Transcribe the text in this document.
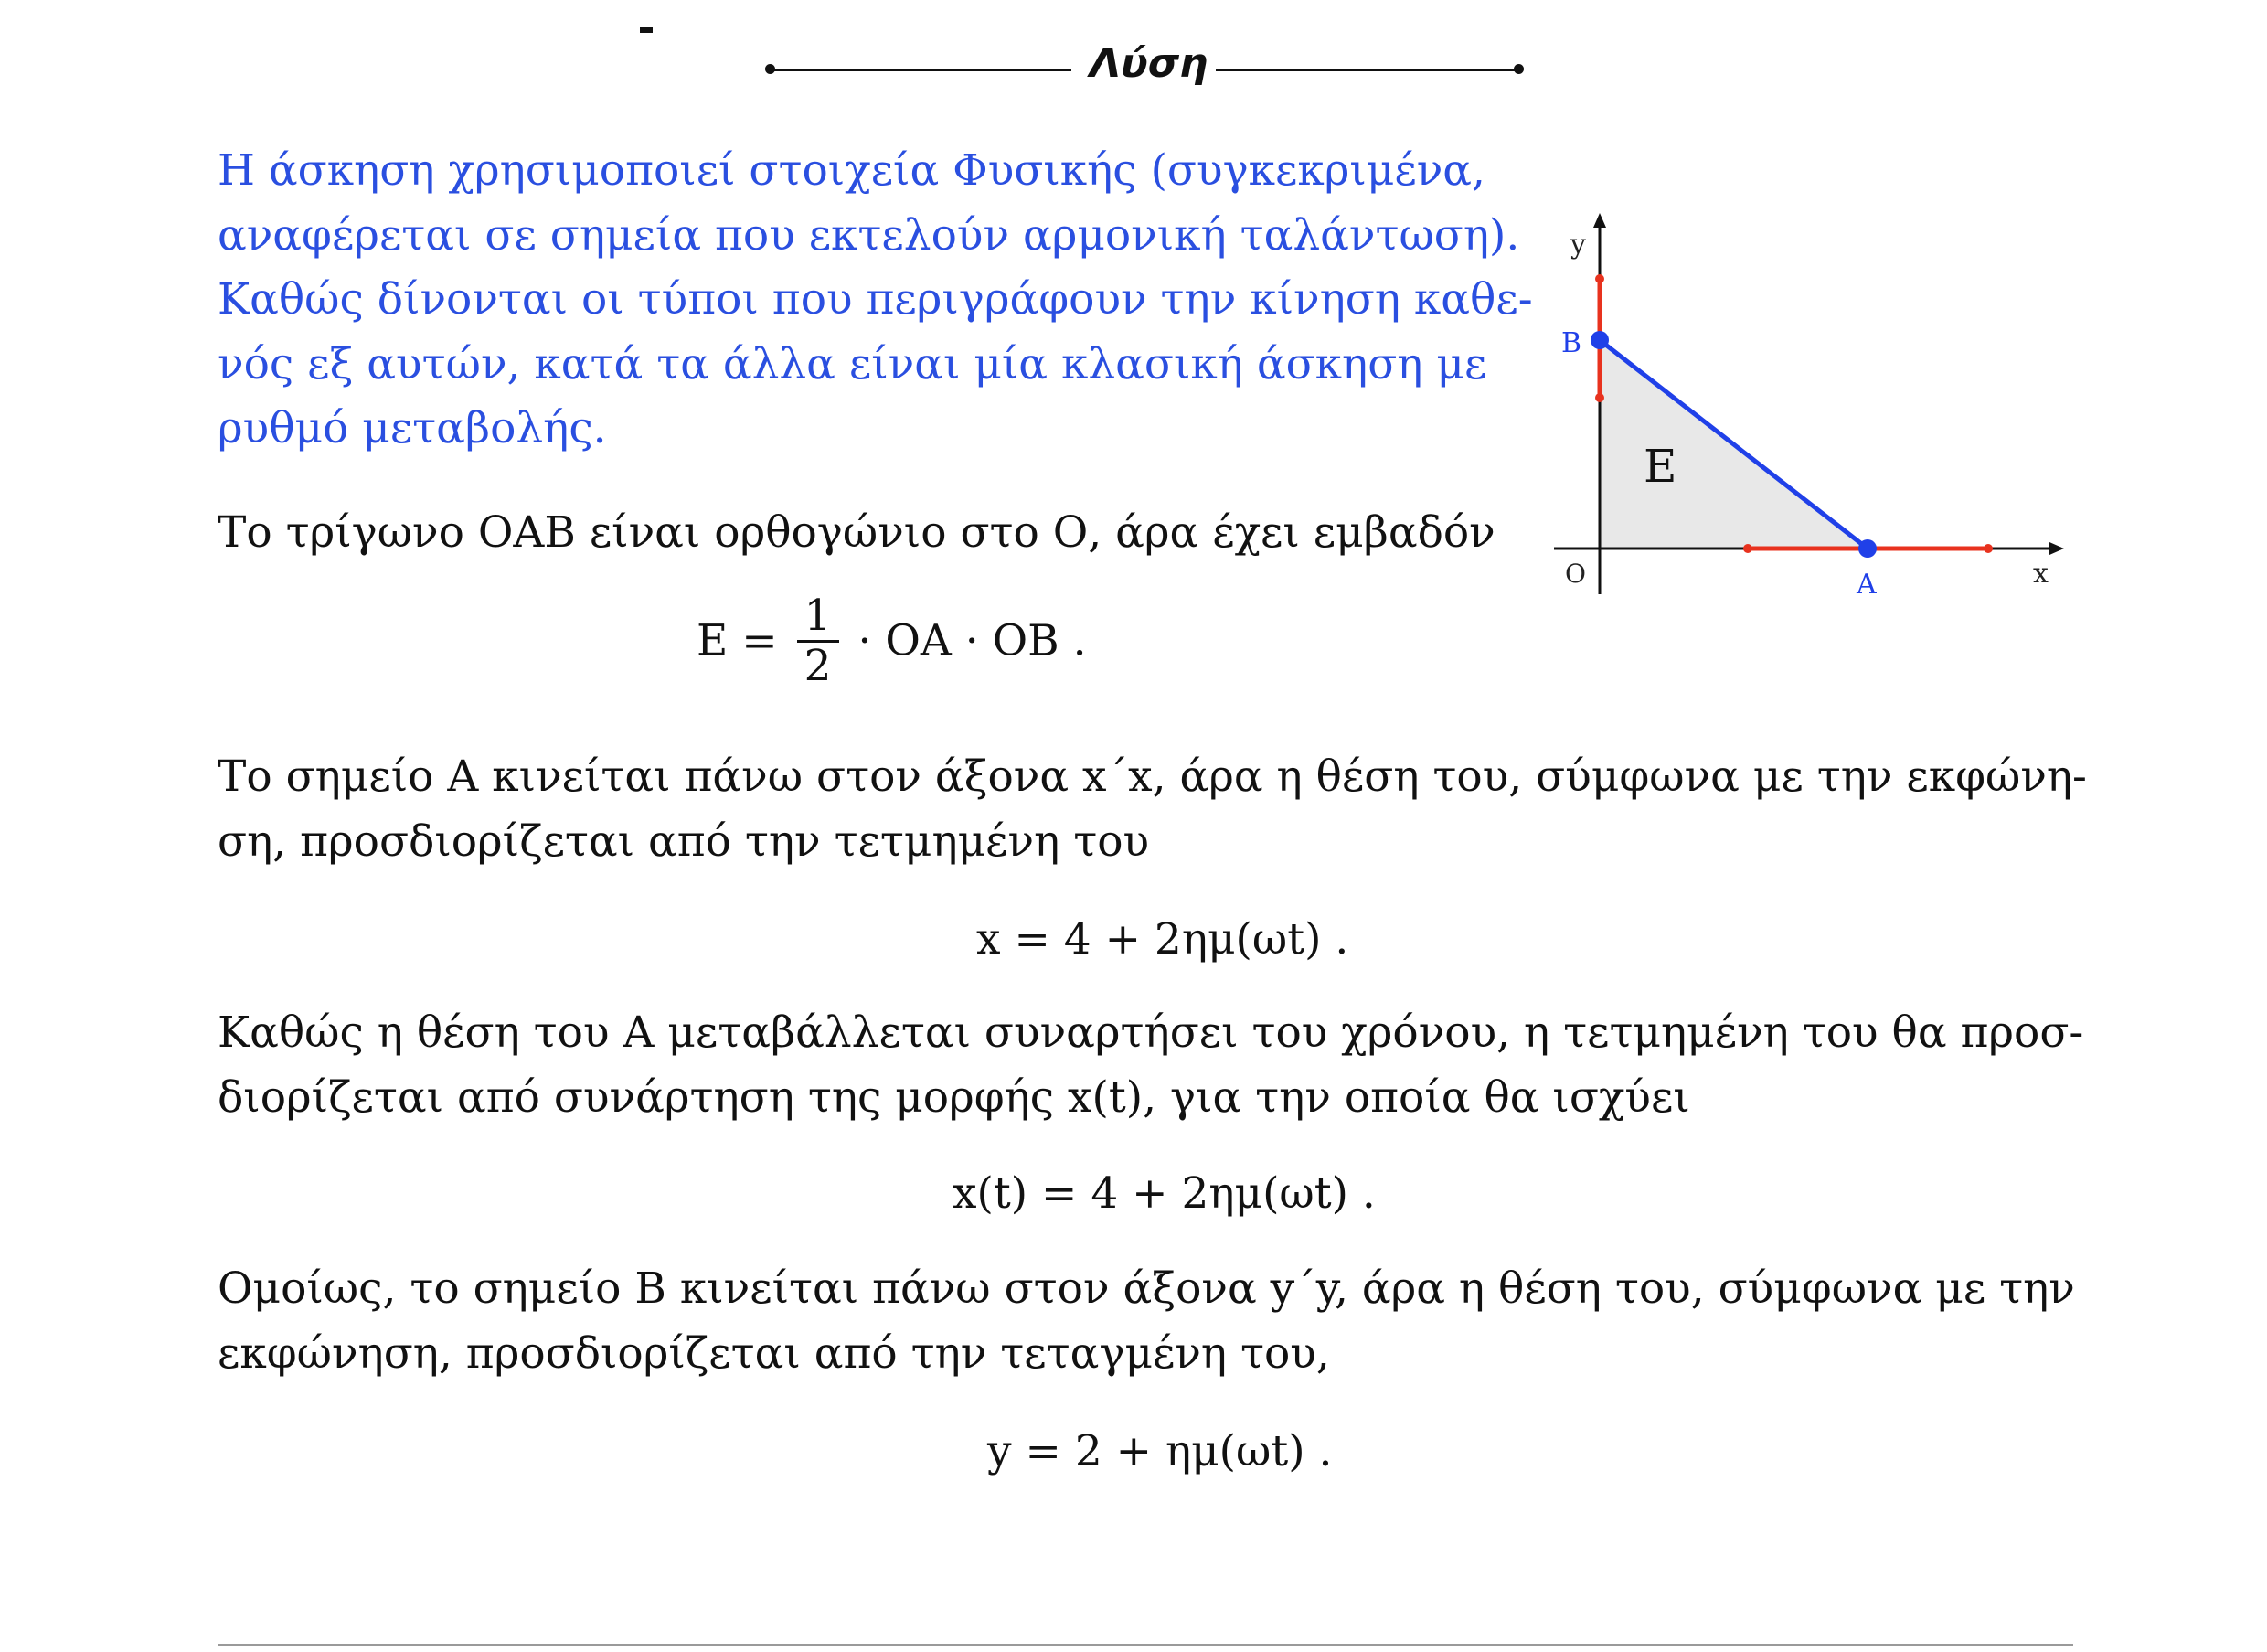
Λύση
Η άσκηση χρησιμοποιεί στοιχεία Φυσικής (συγκεκριμένα,
αναφέρεται σε σημεία που εκτελούν αρμονική ταλάντωση).
Καθώς δίνονται οι τύποι που περιγράφουν την κίνηση καθε-
νός εξ αυτών, κατά τα άλλα είναι μία κλασική άσκηση με
ρυθμό μεταβολής.
Το τρίγωνο ΟΑΒ είναι ορθογώνιο στο Ο, άρα έχει εμβαδόν
$E = \frac{1}{2} \cdot OA \cdot OB$ .
Το σημείο Α κινείται πάνω στον άξονα x΄x, άρα η θέση του, σύμφωνα με την εκφώνη-
ση, προσδιορίζεται από την τετμημένη του
x = 4 + 2ημ(ωt) .
Καθώς η θέση του Α μεταβάλλεται συναρτήσει του χρόνου, η τετμημένη του θα προσ-
διορίζεται από συνάρτηση της μορφής x(t), για την οποία θα ισχύει
x(t) = 4 + 2ημ(ωt) .
Ομοίως, το σημείο Β κινείται πάνω στον άξονα y΄y, άρα η θέση του, σύμφωνα με την
εκφώνηση, προσδιορίζεται από την τεταγμένη του,
y = 2 + ημ(ωt) .
y
x
O
B
A
E
